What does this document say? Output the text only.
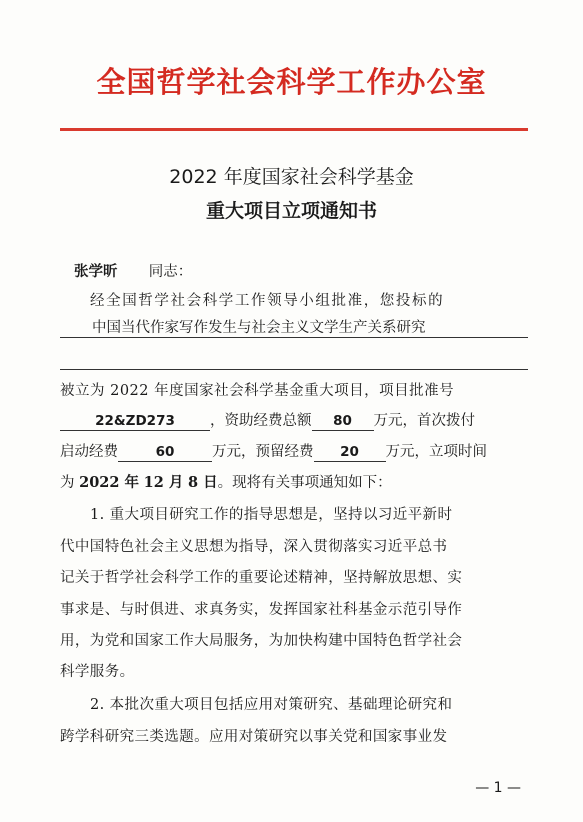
全国哲学社会科学工作办公室
2022 年度国家社会科学基金
重大项目立项通知书
张学昕 同志：
经全国哲学社会科学工作领导小组批准，您投标的
中国当代作家写作发生与社会主义文学生产关系研究
被立为 2022 年度国家社会科学基金重大项目，项目批准号
22&ZD273 ，资助经费总额 80 万元，首次拨付
启动经费	60	万元，预留经费 20 万元，立项时间
为 2022 年 12 月 8 日。现将有关事项通知如下：
1. 重大项目研究工作的指导思想是，坚持以习近平新时
代中国特色社会主义思想为指导，深入贯彻落实习近平总书
记关于哲学社会科学工作的重要论述精神，坚持解放思想、实
事求是、与时俱进、求真务实，发挥国家社科基金示范引导作
用，为党和国家工作大局服务，为加快构建中国特色哲学社会
科学服务。
2. 本批次重大项目包括应用对策研究、基础理论研究和
跨学科研究三类选题。应用对策研究以事关党和国家事业发
— 1 —
